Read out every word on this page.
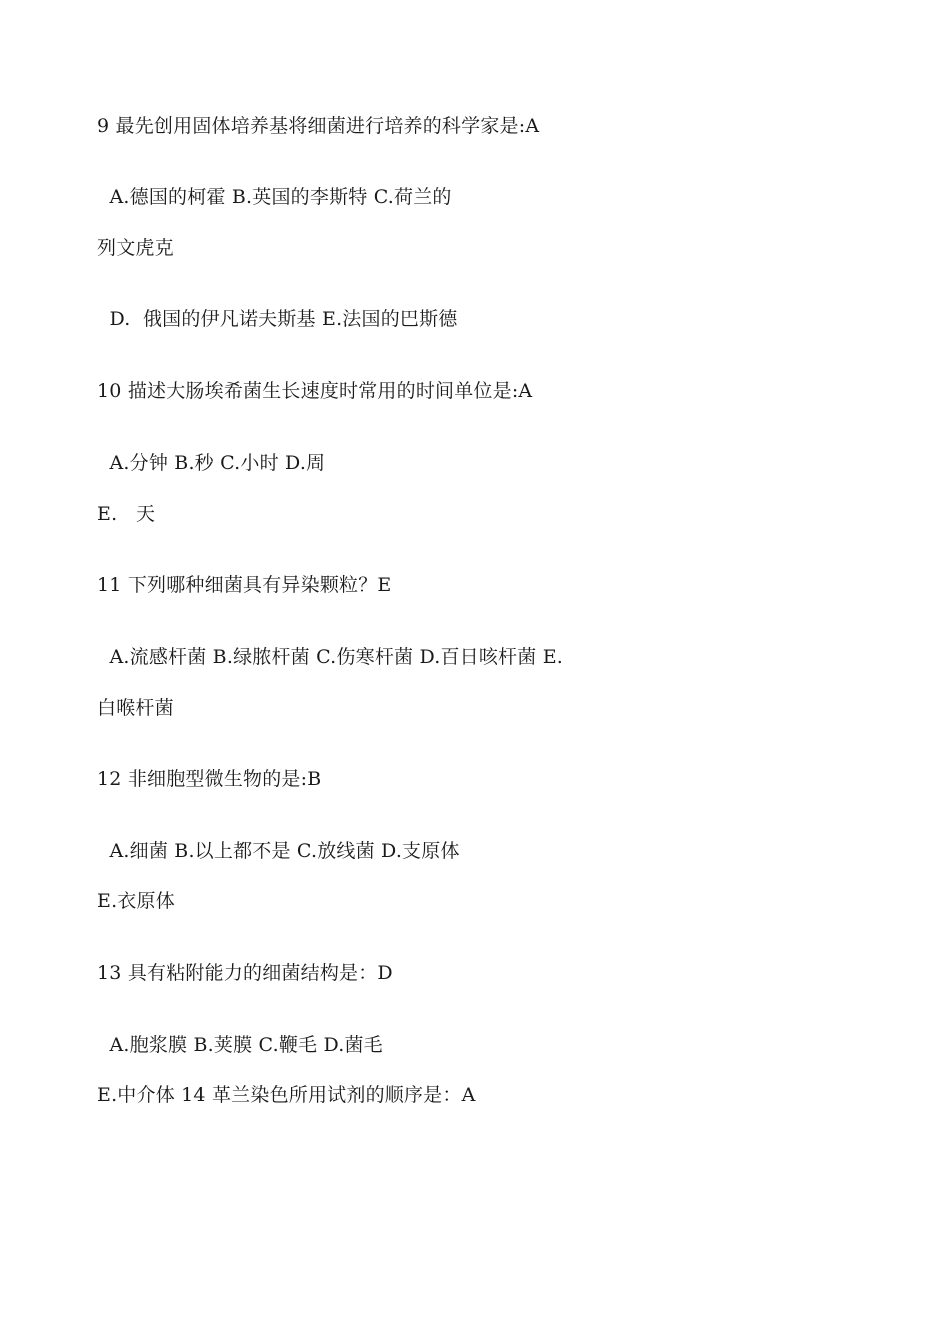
9 最先创用固体培养基将细菌进行培养的科学家是:A
A.德国的柯霍 B.英国的李斯特 C.荷兰的
列文虎克
D.  俄国的伊凡诺夫斯基 E.法国的巴斯德
10 描述大肠埃希菌生长速度时常用的时间单位是:A
A.分钟 B.秒 C.小时 D.周
E.   天
11 下列哪种细菌具有异染颗粒？E
A.流感杆菌 B.绿脓杆菌 C.伤寒杆菌 D.百日咳杆菌 E.
白喉杆菌
12 非细胞型微生物的是:B
A.细菌 B.以上都不是 C.放线菌 D.支原体
E.衣原体
13 具有粘附能力的细菌结构是：D
A.胞浆膜 B.荚膜 C.鞭毛 D.菌毛
E.中介体 14 革兰染色所用试剂的顺序是：A
